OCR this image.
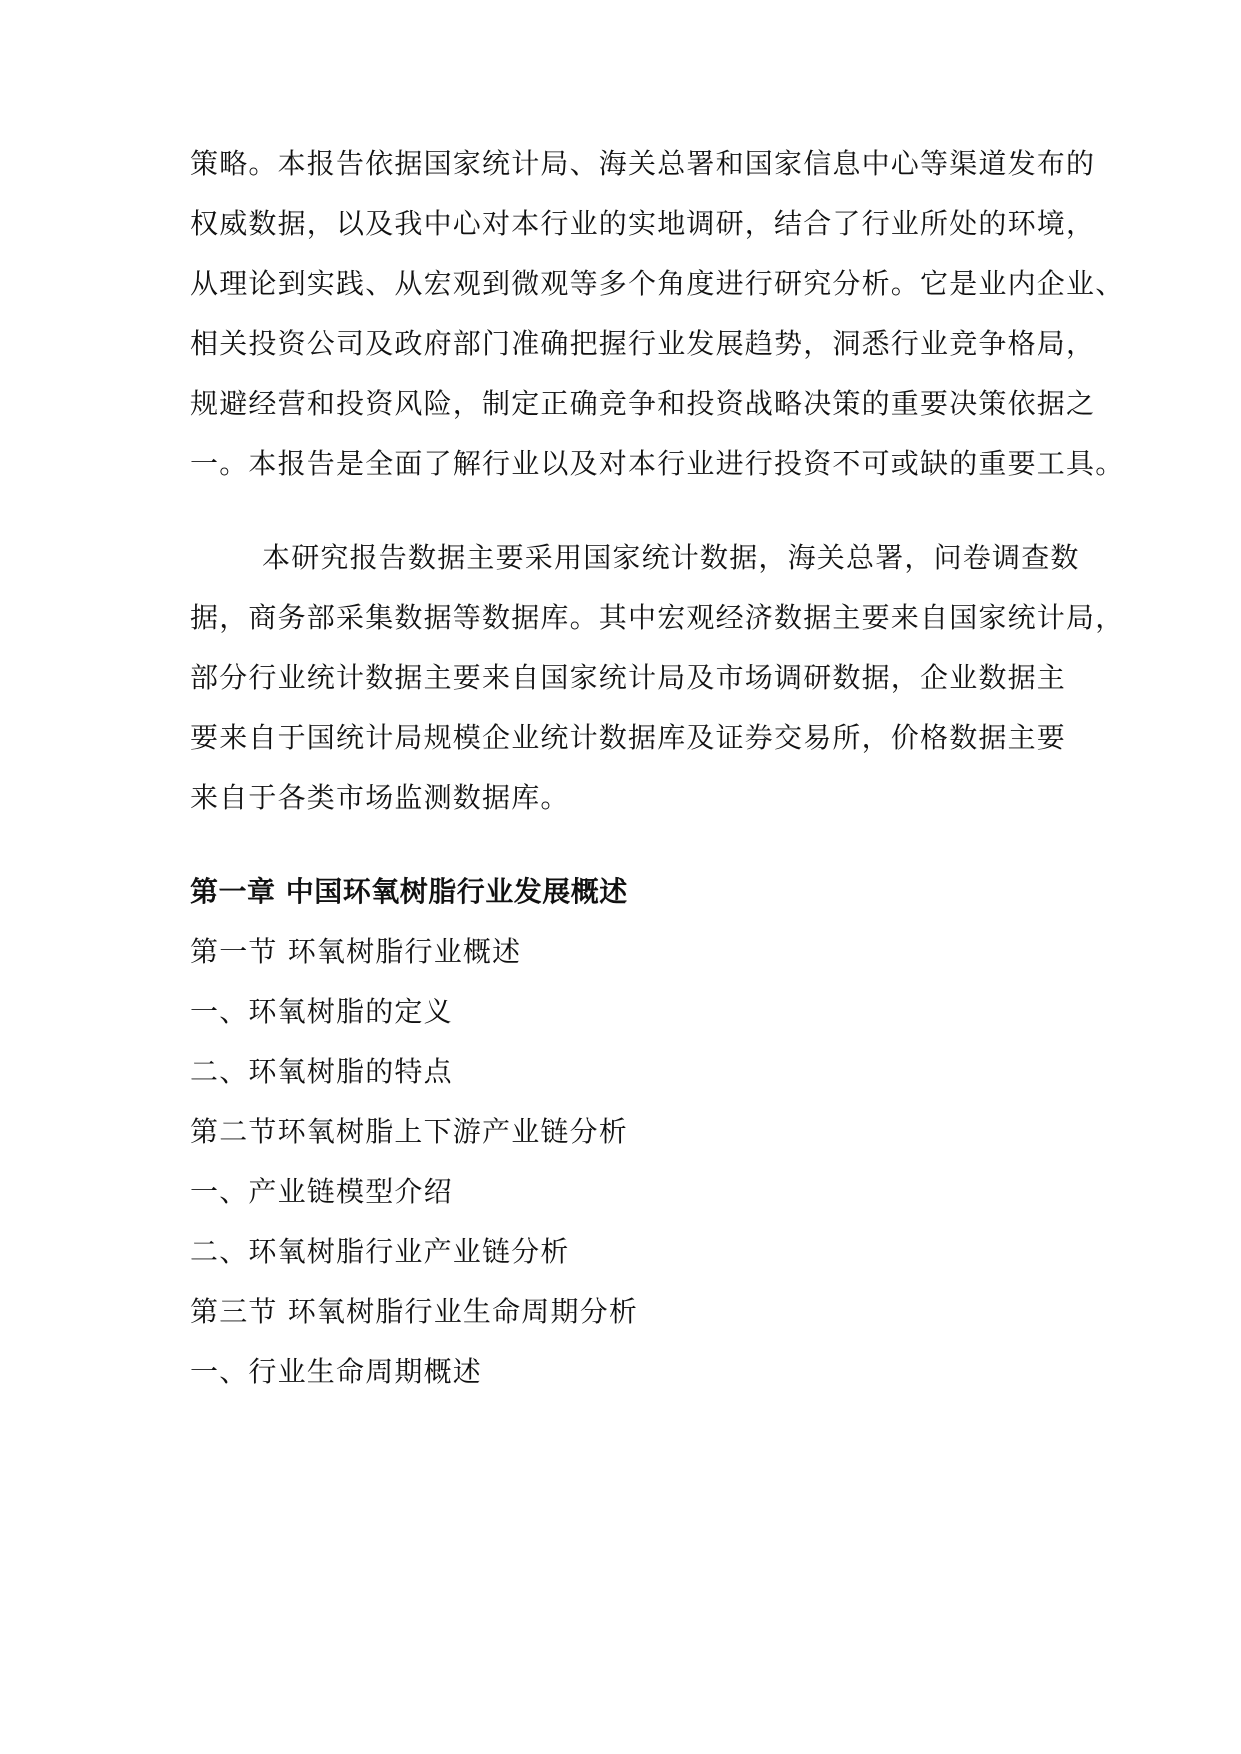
策略。本报告依据国家统计局、海关总署和国家信息中心等渠道发布的
权威数据，以及我中心对本行业的实地调研，结合了行业所处的环境，
从理论到实践、从宏观到微观等多个角度进行研究分析。它是业内企业、
相关投资公司及政府部门准确把握行业发展趋势，洞悉行业竞争格局，
规避经营和投资风险，制定正确竞争和投资战略决策的重要决策依据之
一。本报告是全面了解行业以及对本行业进行投资不可或缺的重要工具。
本研究报告数据主要采用国家统计数据，海关总署，问卷调查数
据，商务部采集数据等数据库。其中宏观经济数据主要来自国家统计局，
部分行业统计数据主要来自国家统计局及市场调研数据，企业数据主
要来自于国统计局规模企业统计数据库及证券交易所，价格数据主要
来自于各类市场监测数据库。
第一章 中国环氧树脂行业发展概述
第一节 环氧树脂行业概述
一、环氧树脂的定义
二、环氧树脂的特点
第二节环氧树脂上下游产业链分析
一、产业链模型介绍
二、环氧树脂行业产业链分析
第三节 环氧树脂行业生命周期分析
一、行业生命周期概述
